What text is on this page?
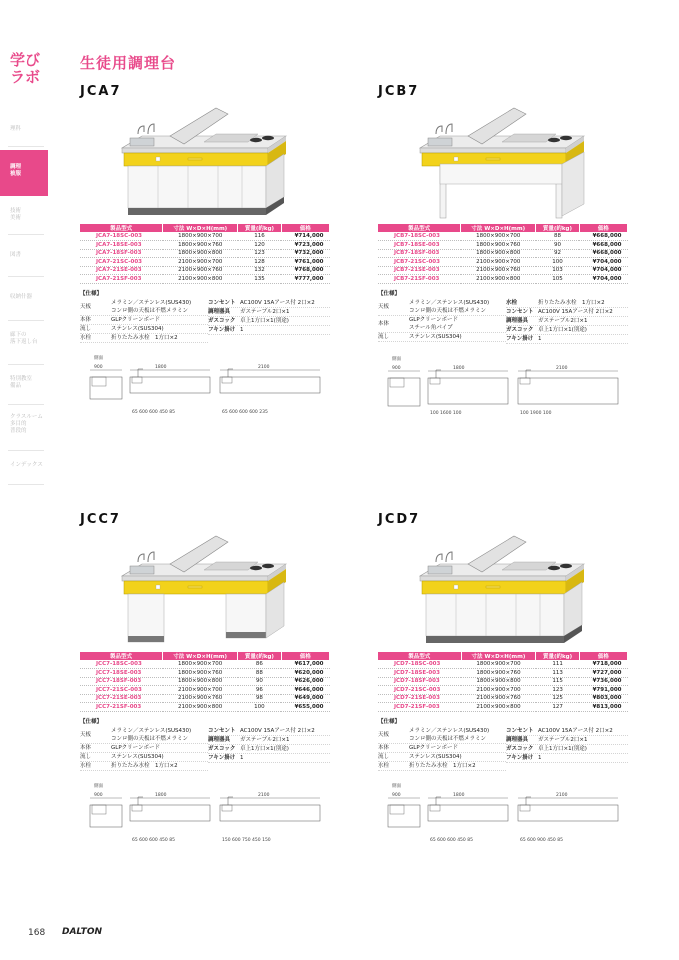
学び
ラボ
理科
調理
被服
技術
美術
図書
収納什器
廊下の
落下返し台
特別教室
備品
クラスルーム
多目的
普段的
インデックス
生徒用調理台
JCA7
製品型式	寸法 W×D×H(mm)	質量(約kg)	価格
JCA7-18SC-003	1800×900×700	116	¥714,000
JCA7-18SE-003	1800×900×760	120	¥723,000
JCA7-18SF-003	1800×900×800	123	¥732,000
JCA7-21SC-003	2100×900×700	128	¥761,000
JCA7-21SE-003	2100×900×760	132	¥768,000
JCA7-21SF-003	2100×900×800	135	¥777,000
【仕様】
天板
メラミン／ステンレス(SUS430)
コンロ側の天板は不燃メラミン
本体	GLPクリーンボード
流し	ステンレス(SUS304)
水栓	折りたたみ水栓　1方口×2
コンセント AC100V 15Aアース付 2口×2
調理器具	ガステーブル2口×1
ガスコック 卓上1方口×1(別途)
フキン掛け 1
側面
900	1800
65 600 600 450 85
2100
65 600 600 600 235
JCB7
製品型式	寸法 W×D×H(mm)	質量(約kg)	価格
JCB7-18SC-003	1800×900×700	88	¥668,000
JCB7-18SE-003	1800×900×760	90	¥668,000
JCB7-18SF-003	1800×900×800	92	¥668,000
JCB7-21SC-003	2100×900×700	100	¥704,000
JCB7-21SE-003	2100×900×760	103	¥704,000
JCB7-21SF-003	2100×900×800	105	¥704,000
【仕様】
天板
メラミン／ステンレス(SUS430)
コンロ側の天板は不燃メラミン
本体
GLPクリーンボード
スチール角パイプ
流し	ステンレス(SUS304)
水栓	折りたたみ水栓　1方口×2
コンセント AC100V 15Aアース付 2口×2
調理器具	ガステーブル2口×1
ガスコック 卓上1方口×1(別途)
フキン掛け 1
側面
900	1800
100 1600 100
2100
100 1900 100
JCC7
製品型式	寸法 W×D×H(mm)	質量(約kg)	価格
JCC7-18SC-003	1800×900×700	86	¥617,000
JCC7-18SE-003	1800×900×760	88	¥620,000
JCC7-18SF-003	1800×900×800	90	¥626,000
JCC7-21SC-003	2100×900×700	96	¥646,000
JCC7-21SE-003	2100×900×760	98	¥649,000
JCC7-21SF-003	2100×900×800	100	¥655,000
【仕様】
天板
メラミン／ステンレス(SUS430)
コンロ側の天板は不燃メラミン
本体	GLPクリーンボード
流し	ステンレス(SUS304)
水栓	折りたたみ水栓　1方口×2
コンセント AC100V 15Aアース付 2口×2
調理器具	ガステーブル2口×1
ガスコック 卓上1方口×1(別途)
フキン掛け 1
側面
900	1800
65 600 600 450 85
2100
150 600 750 450 150
JCD7
製品型式	寸法 W×D×H(mm)	質量(約kg)	価格
JCD7-18SC-003	1800×900×700	111	¥718,000
JCD7-18SE-003	1800×900×760	113	¥727,000
JCD7-18SF-003	1800×900×800	115	¥736,000
JCD7-21SC-003	2100×900×700	123	¥791,000
JCD7-21SE-003	2100×900×760	125	¥803,000
JCD7-21SF-003	2100×900×800	127	¥813,000
【仕様】
天板
メラミン／ステンレス(SUS430)
コンロ側の天板は不燃メラミン
本体	GLPクリーンボード
流し	ステンレス(SUS304)
水栓	折りたたみ水栓　1方口×2
コンセント AC100V 15Aアース付 2口×2
調理器具	ガステーブル2口×1
ガスコック 卓上1方口×1(別途)
フキン掛け 1
側面
900	1800
65 600 600 450 85
2100
65 600 900 450 85
168 DALTON
